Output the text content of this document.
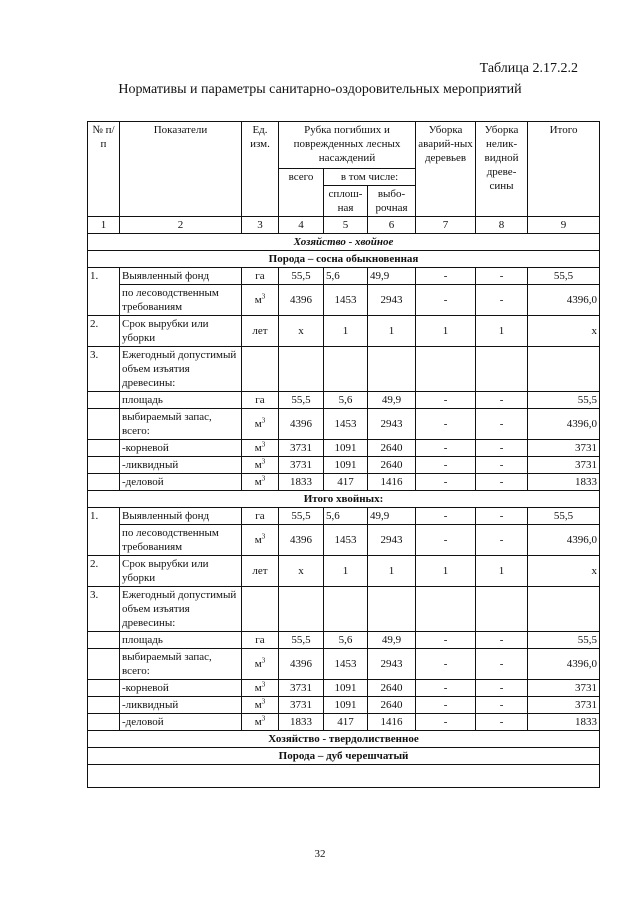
Таблица 2.17.2.2
Нормативы и параметры санитарно-оздоровительных мероприятий
№ п/п	Показатели	Ед. изм.	Рубка погибших и поврежденных лесных насаждений			Уборка аварий-ных деревьев	Уборка нелик-видной древе-сины	Итого
			всего	в том числе:				
				сплош-ная	выбо-рочная			
1	2	3	4	5	6	7	8	9
Хозяйство - хвойное								
Порода – сосна обыкновенная								
1.	Выявленный фонд	га	55,5	5,6	49,9	-	-	55,5
	по лесоводственным требованиям	$м^3$	4396	1453	2943	-	-	4396,0
2.	Срок вырубки или уборки	лет	х	1	1	1	1	х
3.	Ежегодный допустимый объем изъятия древесины:							
	площадь	га	55,5	5,6	49,9	-	-	55,5
	выбираемый запас, всего:	$м^3$	4396	1453	2943	-	-	4396,0
	-корневой	$м^3$	3731	1091	2640	-	-	3731
	-ликвидный	$м^3$	3731	1091	2640	-	-	3731
	-деловой	$м^3$	1833	417	1416	-	-	1833
Итого хвойных:								
1.	Выявленный фонд	га	55,5	5,6	49,9	-	-	55,5
	по лесоводственным требованиям	$м^3$	4396	1453	2943	-	-	4396,0
2.	Срок вырубки или уборки	лет	х	1	1	1	1	х
3.	Ежегодный допустимый объем изъятия древесины:							
	площадь	га	55,5	5,6	49,9	-	-	55,5
	выбираемый запас, всего:	$м^3$	4396	1453	2943	-	-	4396,0
	-корневой	$м^3$	3731	1091	2640	-	-	3731
	-ликвидный	$м^3$	3731	1091	2640	-	-	3731
	-деловой	$м^3$	1833	417	1416	-	-	1833
Хозяйство - твердолиственное								
Порода – дуб черешчатый								

32
